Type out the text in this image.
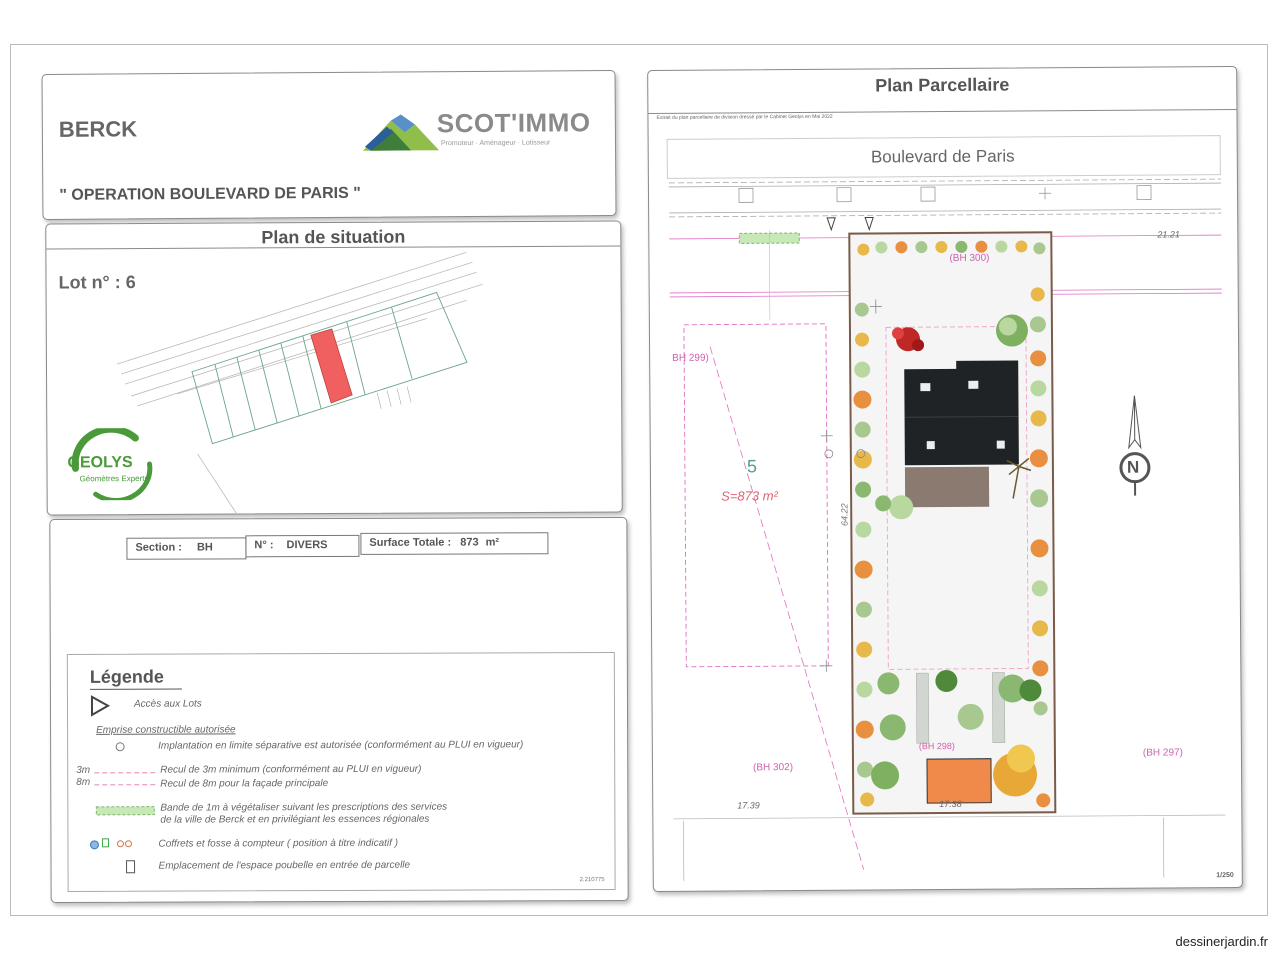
BERCK
" OPERATION BOULEVARD DE PARIS "
SCOT'IMMO
Promoteur · Aménageur · Lotisseur
Plan de situation
Lot n° : 6
GEOLYS
Géomètres Experts
Section : BH	N° : DIVERS	Surface Totale : 873 m²
Légende
Accès aux Lots
Emprise constructible autorisée
Implantation en limite séparative est autorisée (conformément au PLUI en vigueur)
3m
8m
Recul de 3m minimum (conformément au PLUI en vigueur)
Recul de 8m pour la façade principale
Bande de 1m à végétaliser suivant les prescriptions des services
de la ville de Berck et en privilégiant les essences régionales
Coffrets et fosse à compteur ( position à titre indicatif )
Emplacement de l'espace poubelle en entrée de parcelle
2.210775
Plan Parcellaire
Extrait du plan parcellaire de division dressé par le Cabinet Geolys en Mai 2022
Boulevard de Paris
(BH 300)
BH 299)
5
S=873 m²
(BH 302)
(BH 297)
(BH 298)
21.21
17.39	17.38
64.22
N
1/250
dessinerjardin.fr
